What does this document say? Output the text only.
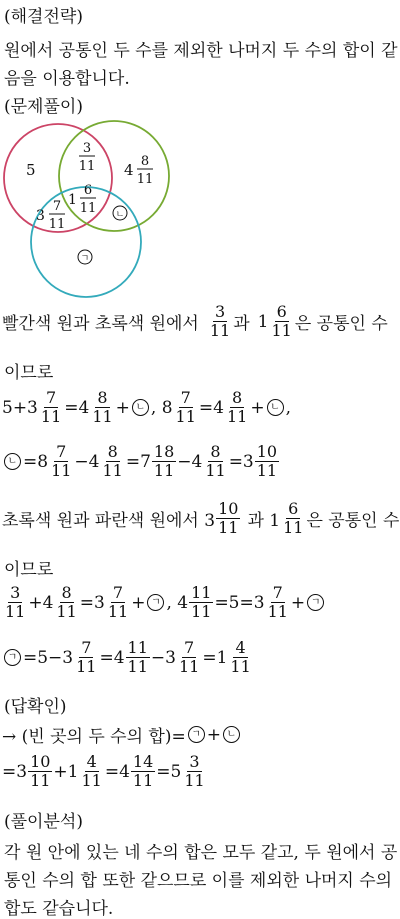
(해결전략)
원에서 공통인 두 수를 제외한 나머지 두 수의 합이 같
음을 이용합니다.
(문제풀이)
5
3
11 4 8
11
1
6
11
3
7
11
ㄴ
ㄱ
빨간색 원과 초록색 원에서 $\frac{3}{11}$ 과 $1 \frac{6}{11}$ 은 공통인 수
이므로
$5+3 \frac{7}{11} =4 \frac{8}{11}$ + ㄴ , $8 \frac{7}{11} =4 \frac{8}{11}$ + ㄴ ,
ㄴ $=8 \frac{7}{11} -4 \frac{8}{11} =7 \frac{18}{11} -4 \frac{8}{11} =3 \frac{10}{11}$
초록색 원과 파란색 원에서 $3 \frac{10}{11}$ 과 $1 \frac{6}{11}$ 은 공통인 수
이므로
$\frac{3}{11} +4 \frac{8}{11} =3 \frac{7}{11}$ + ㄱ , $4 \frac{11}{11} =5=3 \frac{7}{11}$ + ㄱ
ㄱ $=5-3 \frac{7}{11} =4 \frac{11}{11} -3 \frac{7}{11} =1 \frac{4}{11}$
(답확인)
→ (빈 곳의 두 수의 합)= ㄱ + ㄴ
$=3 \frac{10}{11} +1 \frac{4}{11} =4 \frac{14}{11} =5 \frac{3}{11}$
(풀이분석)
각 원 안에 있는 네 수의 합은 모두 같고, 두 원에서 공
통인 수의 합 또한 같으므로 이를 제외한 나머지 수의
합도 같습니다.
